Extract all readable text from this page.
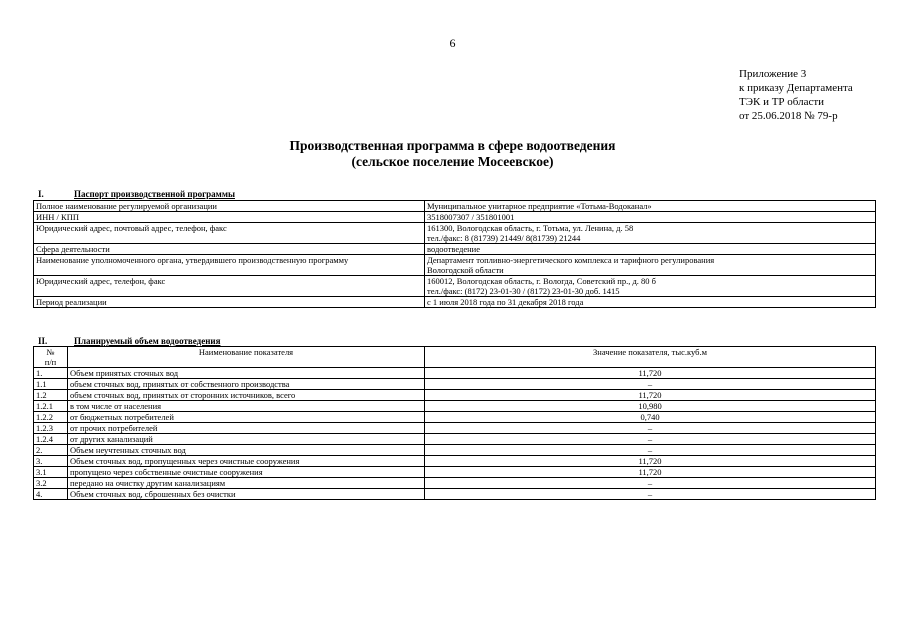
6
Приложение 3
к приказу Департамента
ТЭК и ТР области
от 25.06.2018 № 79-р
Производственная программа в сфере водоотведения
(сельское поселение Мосеевское)
I.	Паспорт производственной программы
Полное наименование регулируемой организации	Муниципальное унитарное предприятие «Тотьма-Водоканал»

ИНН / КПП	3518007307 / 351801001

Юридический адрес, почтовый адрес, телефон, факс	161300, Вологодская область, г. Тотьма, ул. Ленина, д. 58
тел./факс: 8 (81739) 21449/ 8(81739) 21244

Сфера деятельности	водоотведение

Наименование уполномоченного органа, утвердившего производственную программу	Департамент топливно-энергетического комплекса и тарифного регулирования
Вологодской области

Юридический адрес, телефон, факс	160012, Вологодская область, г. Вологда, Советский пр., д. 80 б
тел./факс: (8172) 23-01-30 / (8172) 23-01-30 доб. 1415

Период реализации	с 1 июля 2018 года по 31 декабря 2018 года
II.	Планируемый объем водоотведения
№
п/п	Наименование показателя	Значение показателя, тыс.куб.м
1.	Объем принятых сточных вод	11,720
1.1	объем сточных вод, принятых от собственного производства	–
1.2	объем сточных вод, принятых от сторонних источников, всего	11,720
1.2.1	в том числе от населения	10,980
1.2.2	от бюджетных потребителей	0,740
1.2.3	от прочих потребителей	–
1.2.4	от других канализаций	–
2.	Объем неучтенных сточных вод	–
3.	Объем сточных вод, пропущенных через очистные сооружения	11,720
3.1	пропущено через собственные очистные сооружения	11,720
3.2	передано на очистку другим канализациям	–
4.	Объем сточных вод, сброшенных без очистки	–
